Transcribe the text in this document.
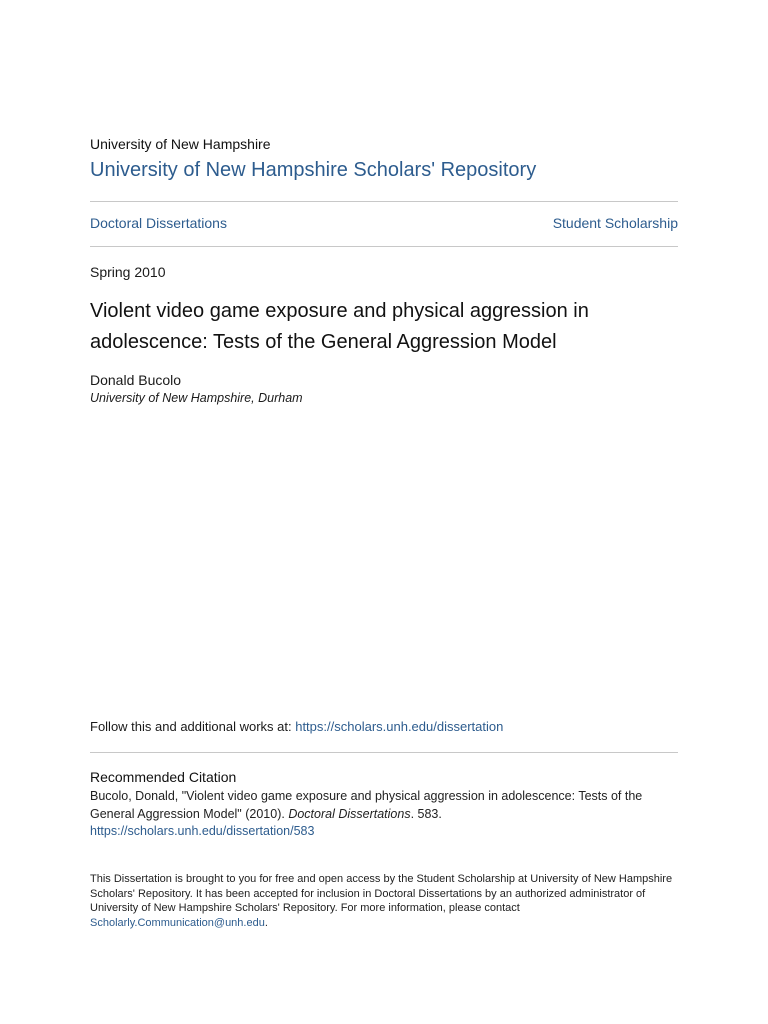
University of New Hampshire
University of New Hampshire Scholars' Repository
Doctoral Dissertations	Student Scholarship
Spring 2010
Violent video game exposure and physical aggression in
adolescence: Tests of the General Aggression Model
Donald Bucolo
University of New Hampshire, Durham
Follow this and additional works at: https://scholars.unh.edu/dissertation
Recommended Citation
Bucolo, Donald, "Violent video game exposure and physical aggression in adolescence: Tests of the General Aggression Model" (2010). Doctoral Dissertations. 583.
https://scholars.unh.edu/dissertation/583
This Dissertation is brought to you for free and open access by the Student Scholarship at University of New Hampshire Scholars' Repository. It has been accepted for inclusion in Doctoral Dissertations by an authorized administrator of University of New Hampshire Scholars' Repository. For more information, please contact Scholarly.Communication@unh.edu.
